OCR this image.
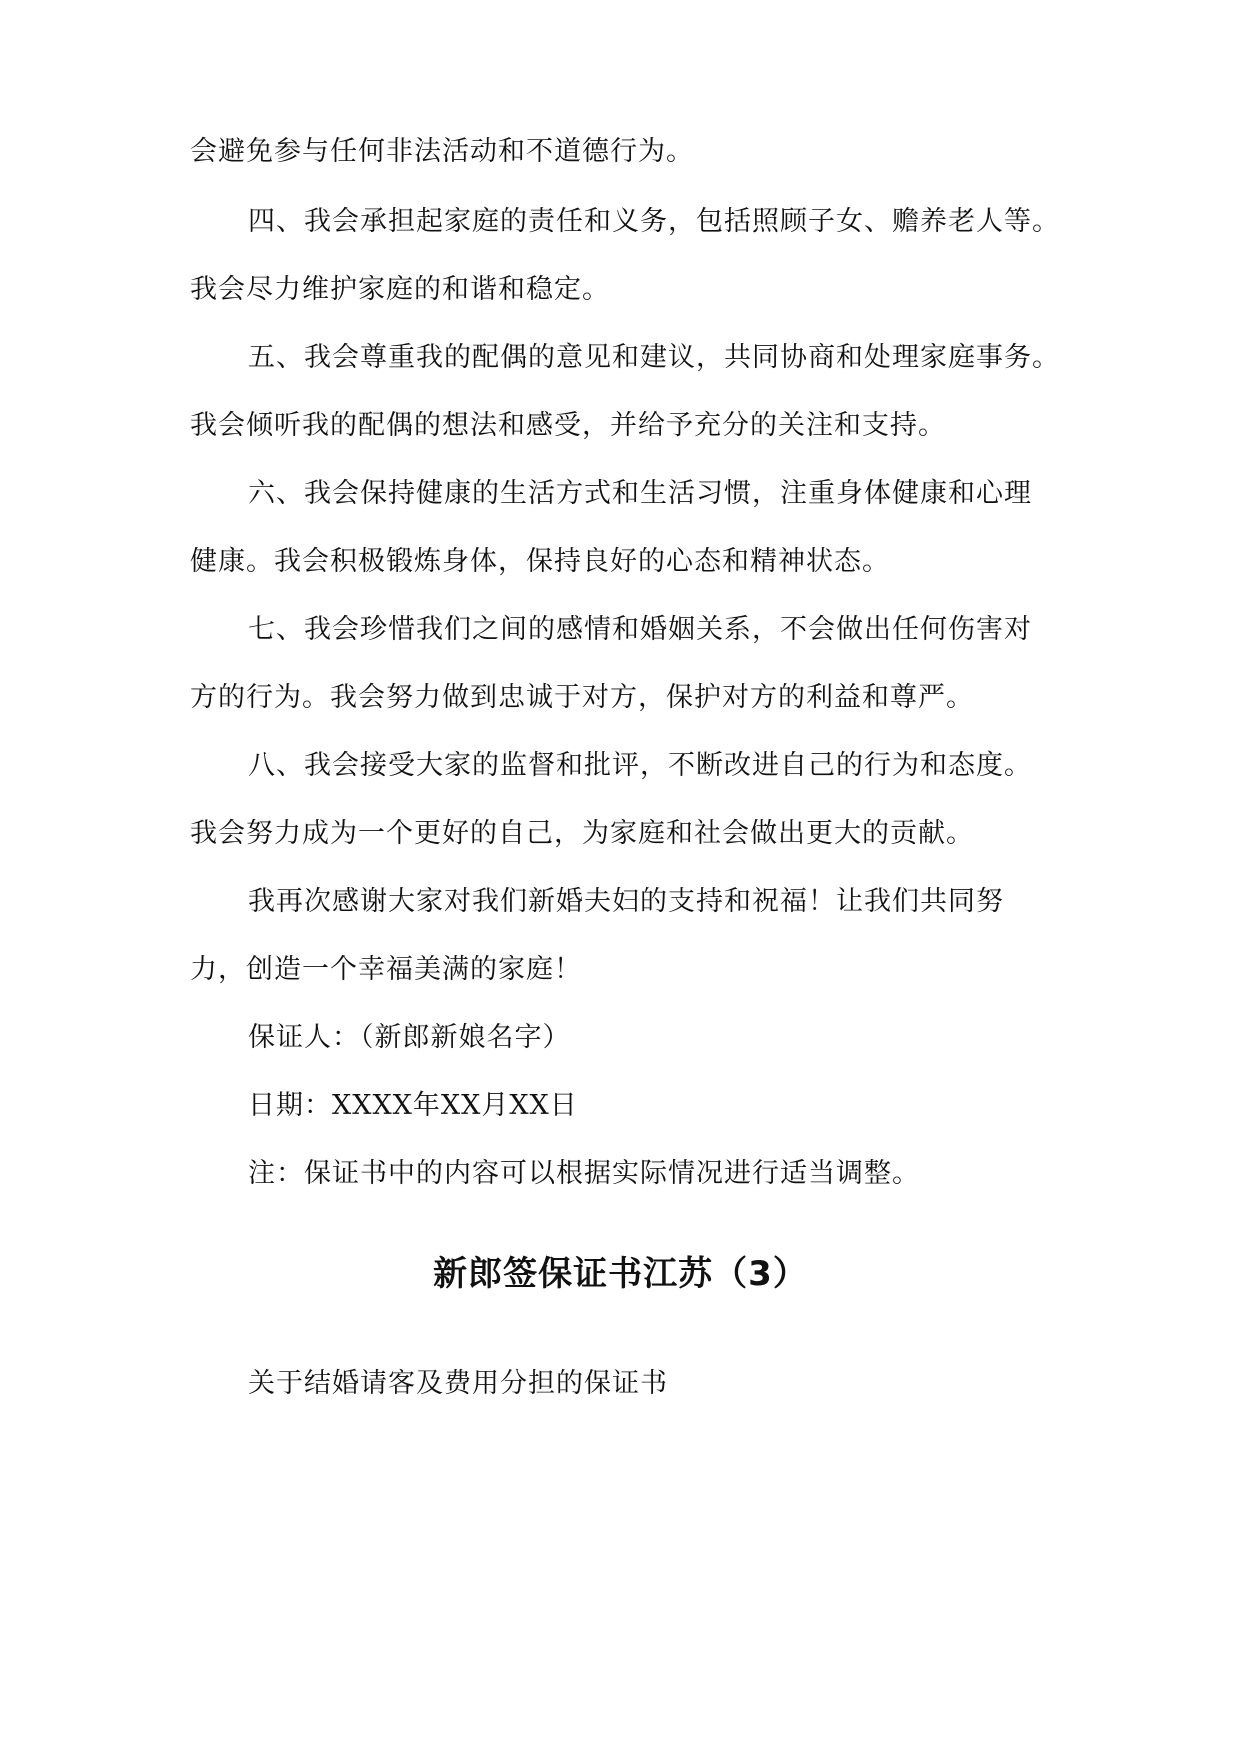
会避免参与任何非法活动和不道德行为。
四、我会承担起家庭的责任和义务，包括照顾子女、赡养老人等。
我会尽力维护家庭的和谐和稳定。
五、我会尊重我的配偶的意见和建议，共同协商和处理家庭事务。
我会倾听我的配偶的想法和感受，并给予充分的关注和支持。
六、我会保持健康的生活方式和生活习惯，注重身体健康和心理
健康。我会积极锻炼身体，保持良好的心态和精神状态。
七、我会珍惜我们之间的感情和婚姻关系，不会做出任何伤害对
方的行为。我会努力做到忠诚于对方，保护对方的利益和尊严。
八、我会接受大家的监督和批评，不断改进自己的行为和态度。
我会努力成为一个更好的自己，为家庭和社会做出更大的贡献。
我再次感谢大家对我们新婚夫妇的支持和祝福！让我们共同努
力，创造一个幸福美满的家庭！
保证人：（新郎新娘名字）
日期：XXXX年XX月XX日
注：保证书中的内容可以根据实际情况进行适当调整。
新郎签保证书江苏（3）
关于结婚请客及费用分担的保证书
